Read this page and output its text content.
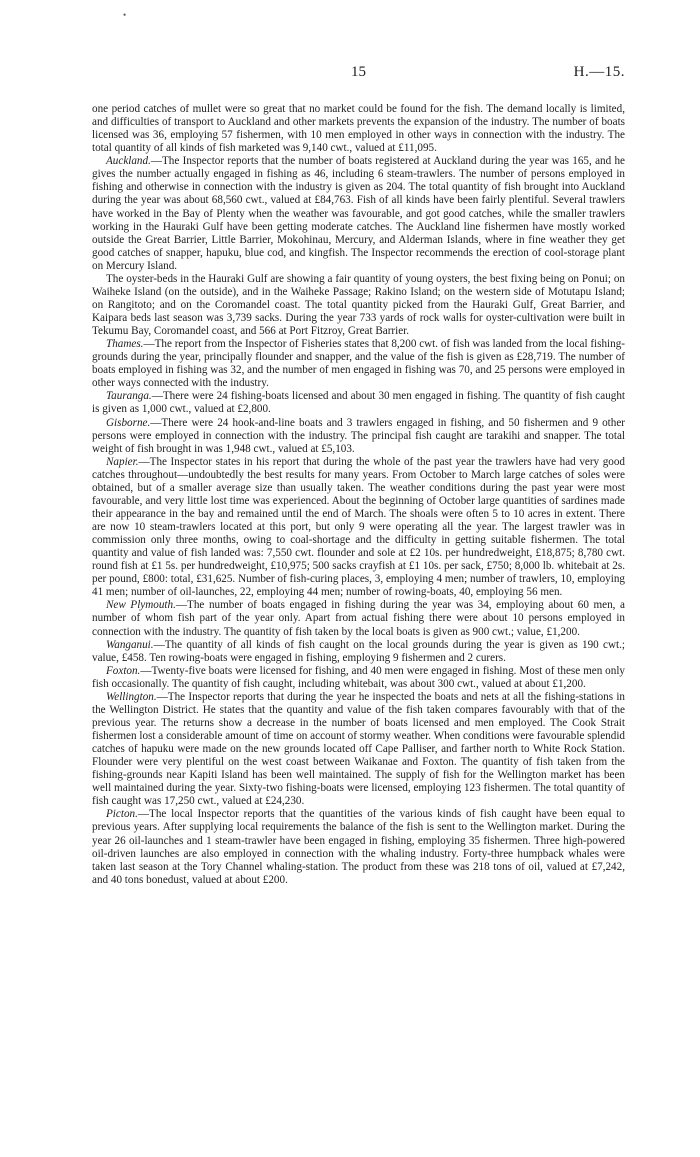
•
15	H.—15.

one period catches of mullet were so great that no market could be found for the fish. The demand locally is limited, and difficulties of transport to Auckland and other markets prevents the expansion of the industry. The number of boats licensed was 36, employing 57 fishermen, with 10 men employed in other ways in connection with the industry. The total quantity of all kinds of fish marketed was 9,140 cwt., valued at £11,095.

Auckland.—The Inspector reports that the number of boats registered at Auckland during the year was 165, and he gives the number actually engaged in fishing as 46, including 6 steam-trawlers. The number of persons employed in fishing and otherwise in connection with the industry is given as 204. The total quantity of fish brought into Auckland during the year was about 68,560 cwt., valued at £84,763. Fish of all kinds have been fairly plentiful. Several trawlers have worked in the Bay of Plenty when the weather was favourable, and got good catches, while the smaller trawlers working in the Hauraki Gulf have been getting moderate catches. The Auckland line fishermen have mostly worked outside the Great Barrier, Little Barrier, Mokohinau, Mercury, and Alderman Islands, where in fine weather they get good catches of snapper, hapuku, blue cod, and kingfish. The Inspector recommends the erection of cool-storage plant on Mercury Island.

The oyster-beds in the Hauraki Gulf are showing a fair quantity of young oysters, the best fixing being on Ponui; on Waiheke Island (on the outside), and in the Waiheke Passage; Rakino Island; on the western side of Motutapu Island; on Rangitoto; and on the Coromandel coast. The total quantity picked from the Hauraki Gulf, Great Barrier, and Kaipara beds last season was 3,739 sacks. During the year 733 yards of rock walls for oyster-cultivation were built in Tekumu Bay, Coromandel coast, and 566 at Port Fitzroy, Great Barrier.

Thames.—The report from the Inspector of Fisheries states that 8,200 cwt. of fish was landed from the local fishing-grounds during the year, principally flounder and snapper, and the value of the fish is given as £28,719. The number of boats employed in fishing was 32, and the number of men engaged in fishing was 70, and 25 persons were employed in other ways connected with the industry.

Tauranga.—There were 24 fishing-boats licensed and about 30 men engaged in fishing. The quantity of fish caught is given as 1,000 cwt., valued at £2,800.

Gisborne.—There were 24 hook-and-line boats and 3 trawlers engaged in fishing, and 50 fishermen and 9 other persons were employed in connection with the industry. The principal fish caught are tarakihi and snapper. The total weight of fish brought in was 1,948 cwt., valued at £5,103.

Napier.—The Inspector states in his report that during the whole of the past year the trawlers have had very good catches throughout—undoubtedly the best results for many years. From October to March large catches of soles were obtained, but of a smaller average size than usually taken. The weather conditions during the past year were most favourable, and very little lost time was experienced. About the beginning of October large quantities of sardines made their appearance in the bay and remained until the end of March. The shoals were often 5 to 10 acres in extent. There are now 10 steam-trawlers located at this port, but only 9 were operating all the year. The largest trawler was in commission only three months, owing to coal-shortage and the difficulty in getting suitable fishermen. The total quantity and value of fish landed was: 7,550 cwt. flounder and sole at £2 10s. per hundredweight, £18,875; 8,780 cwt. round fish at £1 5s. per hundredweight, £10,975; 500 sacks crayfish at £1 10s. per sack, £750; 8,000 lb. whitebait at 2s. per pound, £800: total, £31,625. Number of fish-curing places, 3, employing 4 men; number of trawlers, 10, employing 41 men; number of oil-launches, 22, employing 44 men; number of rowing-boats, 40, employing 56 men.

New Plymouth.—The number of boats engaged in fishing during the year was 34, employing about 60 men, a number of whom fish part of the year only. Apart from actual fishing there were about 10 persons employed in connection with the industry. The quantity of fish taken by the local boats is given as 900 cwt.; value, £1,200.

Wanganui.—The quantity of all kinds of fish caught on the local grounds during the year is given as 190 cwt.; value, £458. Ten rowing-boats were engaged in fishing, employing 9 fishermen and 2 curers.

Foxton.—Twenty-five boats were licensed for fishing, and 40 men were engaged in fishing. Most of these men only fish occasionally. The quantity of fish caught, including whitebait, was about 300 cwt., valued at about £1,200.

Wellington.—The Inspector reports that during the year he inspected the boats and nets at all the fishing-stations in the Wellington District. He states that the quantity and value of the fish taken compares favourably with that of the previous year. The returns show a decrease in the number of boats licensed and men employed. The Cook Strait fishermen lost a considerable amount of time on account of stormy weather. When conditions were favourable splendid catches of hapuku were made on the new grounds located off Cape Palliser, and farther north to White Rock Station. Flounder were very plentiful on the west coast between Waikanae and Foxton. The quantity of fish taken from the fishing-grounds near Kapiti Island has been well maintained. The supply of fish for the Wellington market has been well maintained during the year. Sixty-two fishing-boats were licensed, employing 123 fishermen. The total quantity of fish caught was 17,250 cwt., valued at £24,230.

Picton.—The local Inspector reports that the quantities of the various kinds of fish caught have been equal to previous years. After supplying local requirements the balance of the fish is sent to the Wellington market. During the year 26 oil-launches and 1 steam-trawler have been engaged in fishing, employing 35 fishermen. Three high-powered oil-driven launches are also employed in connection with the whaling industry. Forty-three humpback whales were taken last season at the Tory Channel whaling-station. The product from these was 218 tons of oil, valued at £7,242, and 40 tons bonedust, valued at about £200.
